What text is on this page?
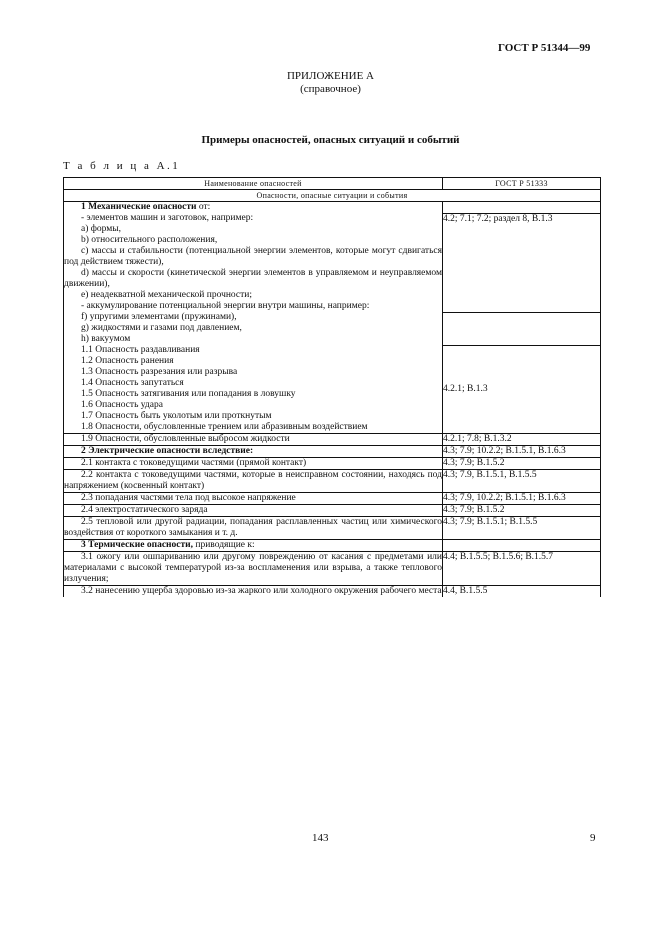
ГОСТ Р 51344—99
ПРИЛОЖЕНИЕ А
(справочное)
Примеры опасностей, опасных ситуаций и событий
Т а б л и ц а А.1
Наименование опасностей	ГОСТ Р 51333
Опасности, опасные ситуации и события	
1 Механические опасности от:	
- элементов машин и заготовок, например:	4.2; 7.1; 7.2; раздел 8, В.1.3
а) формы,	
b) относительного расположения,	
с) массы и стабильности (потенциальной энергии элементов, которые могут сдвигаться под действием тяжести),	
d) массы и скорости (кинетической энергии элементов в управляемом и неуправляемом движении),	
е) неадекватной механической прочности;	
- аккумулирование потенциальной энергии внутри машины, например:	
f) упругими элементами (пружинами),	
g) жидкостями и газами под давлением,	
h) вакуумом	
1.1 Опасность раздавливания	4.2.1; В.1.3
1.2 Опасность ранения	
1.3 Опасность разрезания или разрыва	
1.4 Опасность запутаться	
1.5 Опасность затягивания или попадания в ловушку	
1.6 Опасность удара	
1.7 Опасность быть уколотым или проткнутым	
1.8 Опасности, обусловленные трением или абразивным воздействием	
1.9 Опасности, обусловленные выбросом жидкости	4.2.1; 7.8; В.1.3.2
2 Электрические опасности вследствие:	4.3; 7.9; 10.2.2; В.1.5.1, В.1.6.3
2.1 контакта с токоведущими частями (прямой контакт)	4.3; 7.9; В.1.5.2
2.2 контакта с токоведущими частями, которые в неисправном состоянии, находясь под напряжением (косвенный контакт)	4.3; 7.9, В.1.5.1, В.1.5.5
2.3 попадания частями тела под высокое напряжение	4.3; 7.9, 10.2.2; В.1.5.1; В.1.6.3
2.4 электростатического заряда	4.3; 7.9; В.1.5.2
2.5 тепловой или другой радиации, попадания расплавленных частиц или химического воздействия от короткого замыкания и т. д.	4.3; 7.9; В.1.5.1; В.1.5.5
3 Термические опасности, приводящие к:	
3.1 ожогу или ошпариванию или другому повреждению от касания с предметами или материалами с высокой температурой из-за воспламенения или взрыва, а также теплового излучения;	4.4; В.1.5.5; В.1.5.6; В.1.5.7
3.2 нанесению ущерба здоровью из-за жаркого или холодного окружения рабочего места	4.4, В.1.5.5
143	9
